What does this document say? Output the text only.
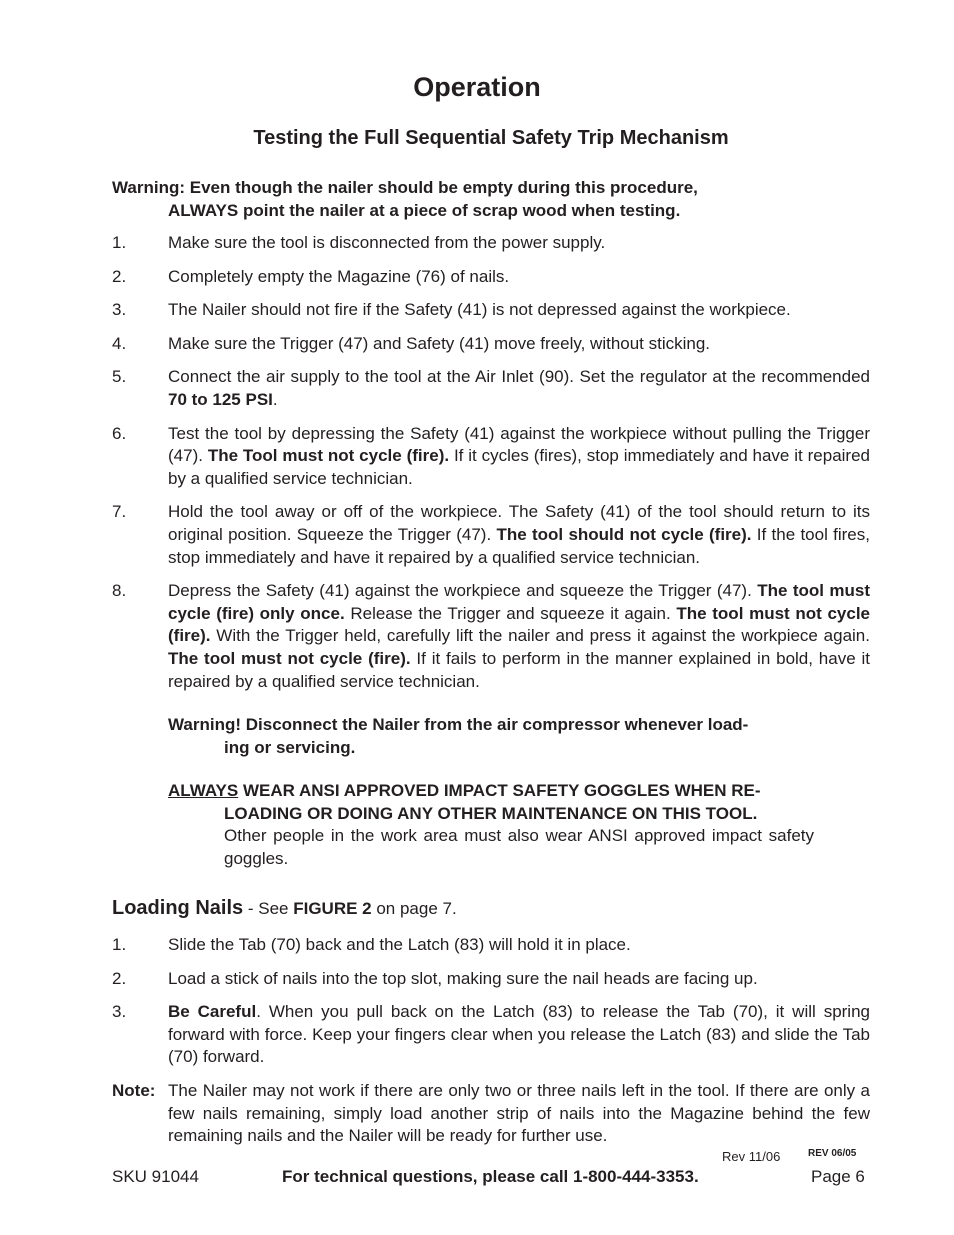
Operation
Testing the Full Sequential Safety Trip Mechanism
Warning: Even though the nailer should be empty during this procedure,
ALWAYS point the nailer at a piece of scrap wood when testing.
1. Make sure the tool is disconnected from the power supply.
2. Completely empty the Magazine (76) of nails.
3. The Nailer should not fire if the Safety (41) is not depressed against the workpiece.
4. Make sure the Trigger (47) and Safety (41) move freely, without sticking.
5. Connect the air supply to the tool at the Air Inlet (90). Set the regulator at the recommended 70 to 125 PSI.
6. Test the tool by depressing the Safety (41) against the workpiece without pulling the Trigger (47). The Tool must not cycle (fire). If it cycles (fires), stop immediately and have it repaired by a qualified service technician.
7. Hold the tool away or off of the workpiece. The Safety (41) of the tool should return to its original position. Squeeze the Trigger (47). The tool should not cycle (fire). If the tool fires, stop immediately and have it repaired by a qualified service technician.
8. Depress the Safety (41) against the workpiece and squeeze the Trigger (47). The tool must cycle (fire) only once. Release the Trigger and squeeze it again. The tool must not cycle (fire). With the Trigger held, carefully lift the nailer and press it against the workpiece again. The tool must not cycle (fire). If it fails to perform in the manner explained in bold, have it repaired by a qualified service technician.
Warning! Disconnect the Nailer from the air compressor whenever load-
ing or servicing.
ALWAYS WEAR ANSI APPROVED IMPACT SAFETY GOGGLES WHEN RE-
LOADING OR DOING ANY OTHER MAINTENANCE ON THIS TOOL.
Other people in the work area must also wear ANSI approved impact safety goggles.
Loading Nails - See FIGURE 2 on page 7.
1. Slide the Tab (70) back and the Latch (83) will hold it in place.
2. Load a stick of nails into the top slot, making sure the nail heads are facing up.
3. Be Careful. When you pull back on the Latch (83) to release the Tab (70), it will spring forward with force. Keep your fingers clear when you release the Latch (83) and slide the Tab (70) forward.
Note: The Nailer may not work if there are only two or three nails left in the tool. If there are only a few nails remaining, simply load another strip of nails into the Magazine behind the few remaining nails and the Nailer will be ready for further use.
Rev 11/06	REV 06/05
SKU 91044	For technical questions, please call 1-800-444-3353.	Page 6
